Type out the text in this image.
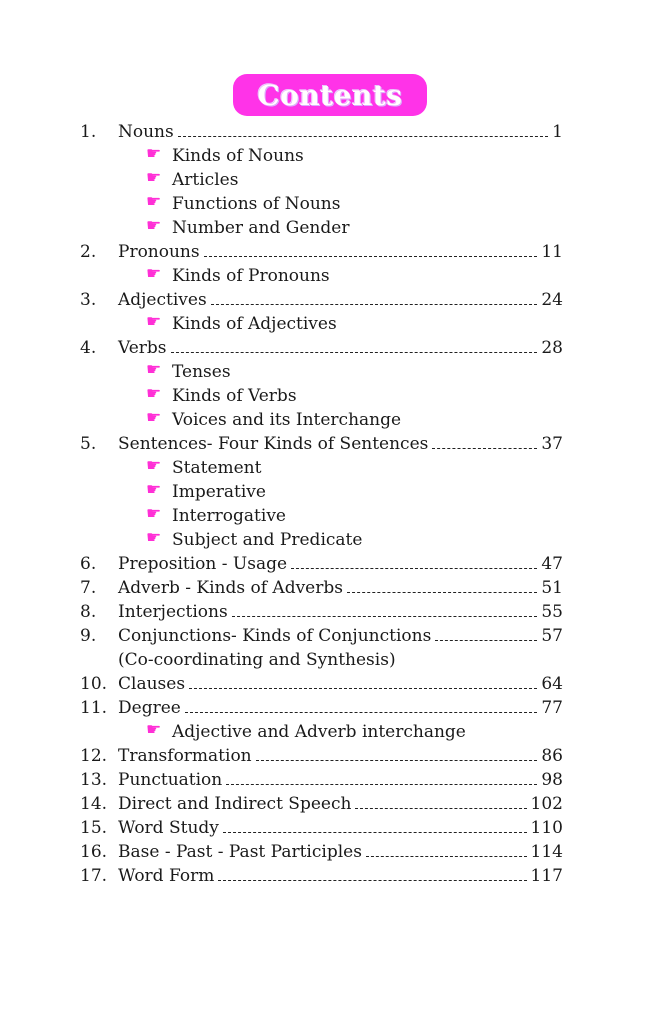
Contents
1.	Nouns	1
☛ Kinds of Nouns
☛ Articles
☛ Functions of Nouns
☛ Number and Gender
2.	Pronouns	11
☛ Kinds of Pronouns
3.	Adjectives	24
☛ Kinds of Adjectives
4.	Verbs	28
☛ Tenses
☛ Kinds of Verbs
☛ Voices and its Interchange
5.	Sentences- Four Kinds of Sentences	37
☛ Statement
☛ Imperative
☛ Interrogative
☛ Subject and Predicate
6.	Preposition - Usage	47
7.	Adverb - Kinds of Adverbs	51
8.	Interjections	55
9.	Conjunctions- Kinds of Conjunctions	57
(Co-coordinating and Synthesis)
10. Clauses	64
11. Degree	77
☛ Adjective and Adverb interchange
12. Transformation	86
13. Punctuation	98
14. Direct and Indirect Speech	102
15. Word Study	110
16. Base - Past - Past Participles	114
17. Word Form	117
